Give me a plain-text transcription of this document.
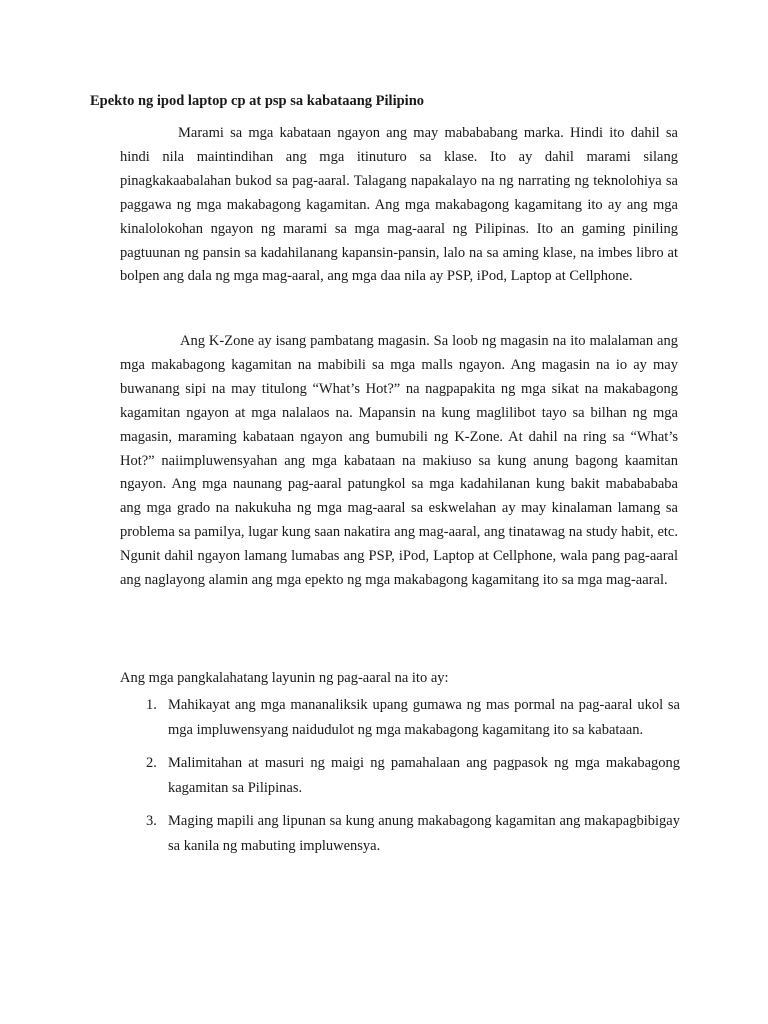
Epekto ng ipod laptop cp at psp sa kabataang Pilipino

Marami sa mga kabataan ngayon ang may mabababang marka. Hindi ito dahil sa hindi nila maintindihan ang mga itinuturo sa klase. Ito ay dahil marami silang pinagkakaabalahan bukod sa pag-aaral. Talagang napakalayo na ng narrating ng teknolohiya sa paggawa ng mga makabagong kagamitan. Ang mga makabagong kagamitang ito ay ang mga kinalolokohan ngayon ng marami sa mga mag-aaral ng Pilipinas. Ito an gaming piniling pagtuunan ng pansin sa kadahilanang kapansin-pansin, lalo na sa aming klase, na imbes libro at bolpen ang dala ng mga mag-aaral, ang mga daa nila ay PSP, iPod, Laptop at Cellphone.

Ang K-Zone ay isang pambatang magasin. Sa loob ng magasin na ito malalaman ang mga makabagong kagamitan na mabibili sa mga malls ngayon. Ang magasin na io ay may buwanang sipi na may titulong “What’s Hot?” na nagpapakita ng mga sikat na makabagong kagamitan ngayon at mga nalalaos na. Mapansin na kung maglilibot tayo sa bilhan ng mga magasin, maraming kabataan ngayon ang bumubili ng K-Zone. At dahil na ring sa “What’s Hot?” naiimpluwensyahan ang mga kabataan na makiuso sa kung anung bagong kaamitan ngayon. Ang mga naunang pag-aaral patungkol sa mga kadahilanan kung bakit mababababa ang mga grado na nakukuha ng mga mag-aaral sa eskwelahan ay may kinalaman lamang sa problema sa pamilya, lugar kung saan nakatira ang mag-aaral, ang tinatawag na study habit, etc. Ngunit dahil ngayon lamang lumabas ang PSP, iPod, Laptop at Cellphone, wala pang pag-aaral ang naglayong alamin ang mga epekto ng mga makabagong kagamitang ito sa mga mag-aaral.

Ang mga pangkalahatang layunin ng pag-aaral na ito ay:
1. Mahikayat ang mga mananaliksik upang gumawa ng mas pormal na pag-aaral ukol sa mga impluwensyang naidudulot ng mga makabagong kagamitang ito sa kabataan.
2. Malimitahan at masuri ng maigi ng pamahalaan ang pagpasok ng mga makabagong kagamitan sa Pilipinas.
3. Maging mapili ang lipunan sa kung anung makabagong kagamitan ang makapagbibigay sa kanila ng mabuting impluwensya.
